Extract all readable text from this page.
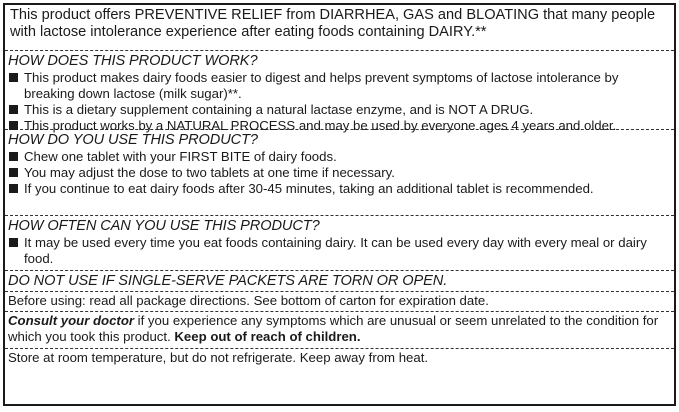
This product offers PREVENTIVE RELIEF from DIARRHEA, GAS and BLOATING that many people with lactose intolerance experience after eating foods containing DAIRY.**
HOW DOES THIS PRODUCT WORK?
This product makes dairy foods easier to digest and helps prevent symptoms of lactose intolerance by breaking down lactose (milk sugar)**.
This is a dietary supplement containing a natural lactase enzyme, and is NOT A DRUG.
This product works by a NATURAL PROCESS and may be used by everyone ages 4 years and older.
HOW DO YOU USE THIS PRODUCT?
Chew one tablet with your FIRST BITE of dairy foods.
You may adjust the dose to two tablets at one time if necessary.
If you continue to eat dairy foods after 30-45 minutes, taking an additional tablet is recommended.
HOW OFTEN CAN YOU USE THIS PRODUCT?
It may be used every time you eat foods containing dairy. It can be used every day with every meal or dairy food.
DO NOT USE IF SINGLE-SERVE PACKETS ARE TORN OR OPEN.
Before using: read all package directions. See bottom of carton for expiration date.
Consult your doctor if you experience any symptoms which are unusual or seem unrelated to the condition for which you took this product. Keep out of reach of children.
Store at room temperature, but do not refrigerate. Keep away from heat.
